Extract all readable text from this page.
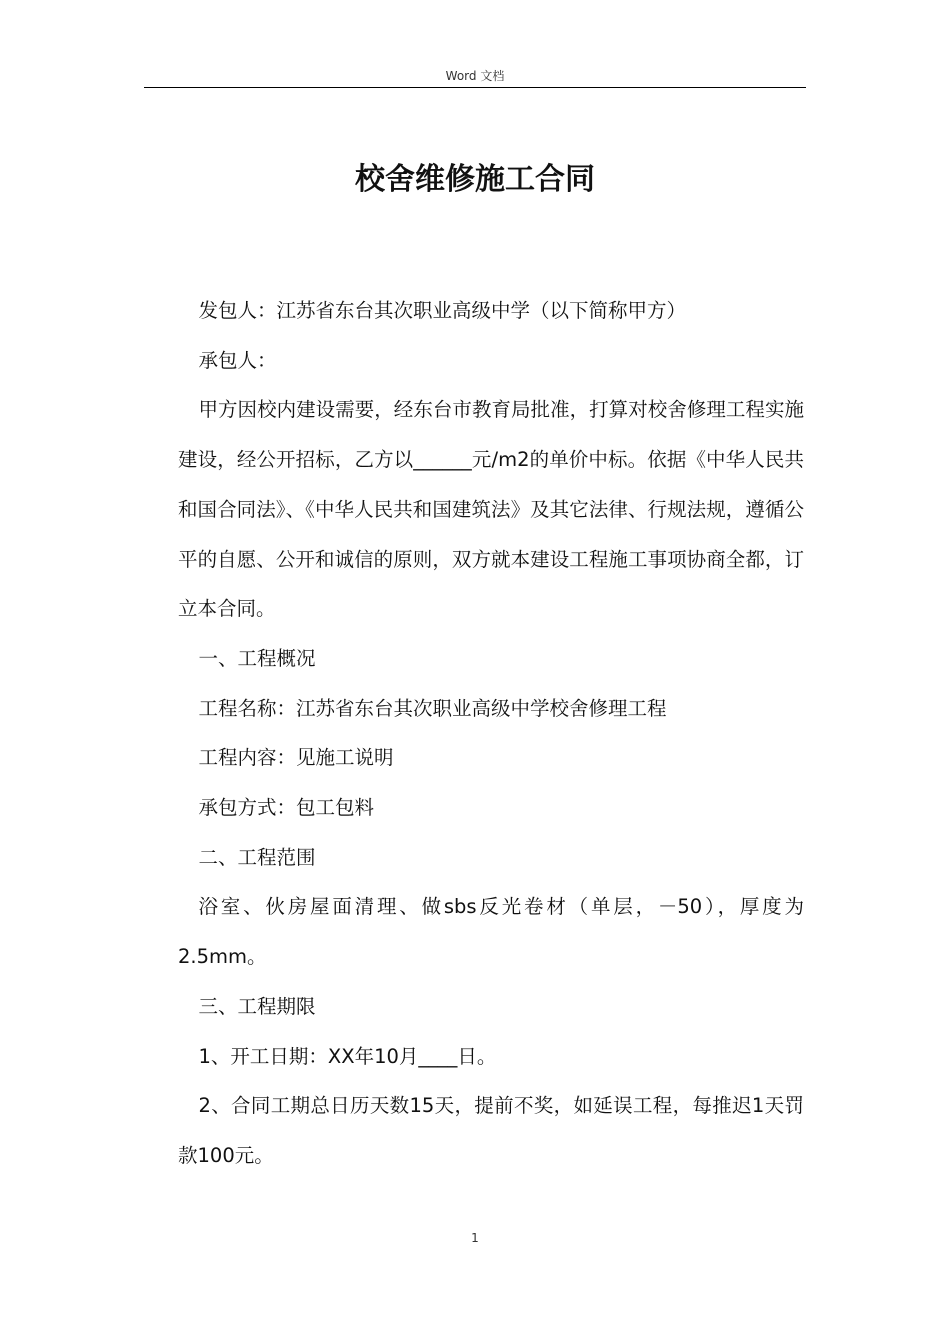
Word 文档
校舍维修施工合同

发包人：江苏省东台其次职业高级中学（以下简称甲方）

承包人：

甲方因校内建设需要，经东台市教育局批准，打算对校舍修理工程实施建设，经公开招标，乙方以______元/m2的单价中标。依据《中华人民共和国合同法》、《中华人民共和国建筑法》及其它法律、行规法规，遵循公平的自愿、公开和诚信的原则，双方就本建设工程施工事项协商全都，订立本合同。

一、工程概况

工程名称：江苏省东台其次职业高级中学校舍修理工程

工程内容：见施工说明

承包方式：包工包料

二、工程范围

浴室、伙房屋面清理、做sbs反光卷材（单层，－50），厚度为2.5mm。

三、工程期限

1、开工日期：XX年10月____日。

2、合同工期总日历天数15天，提前不奖，如延误工程，每推迟1天罚款100元。

1
